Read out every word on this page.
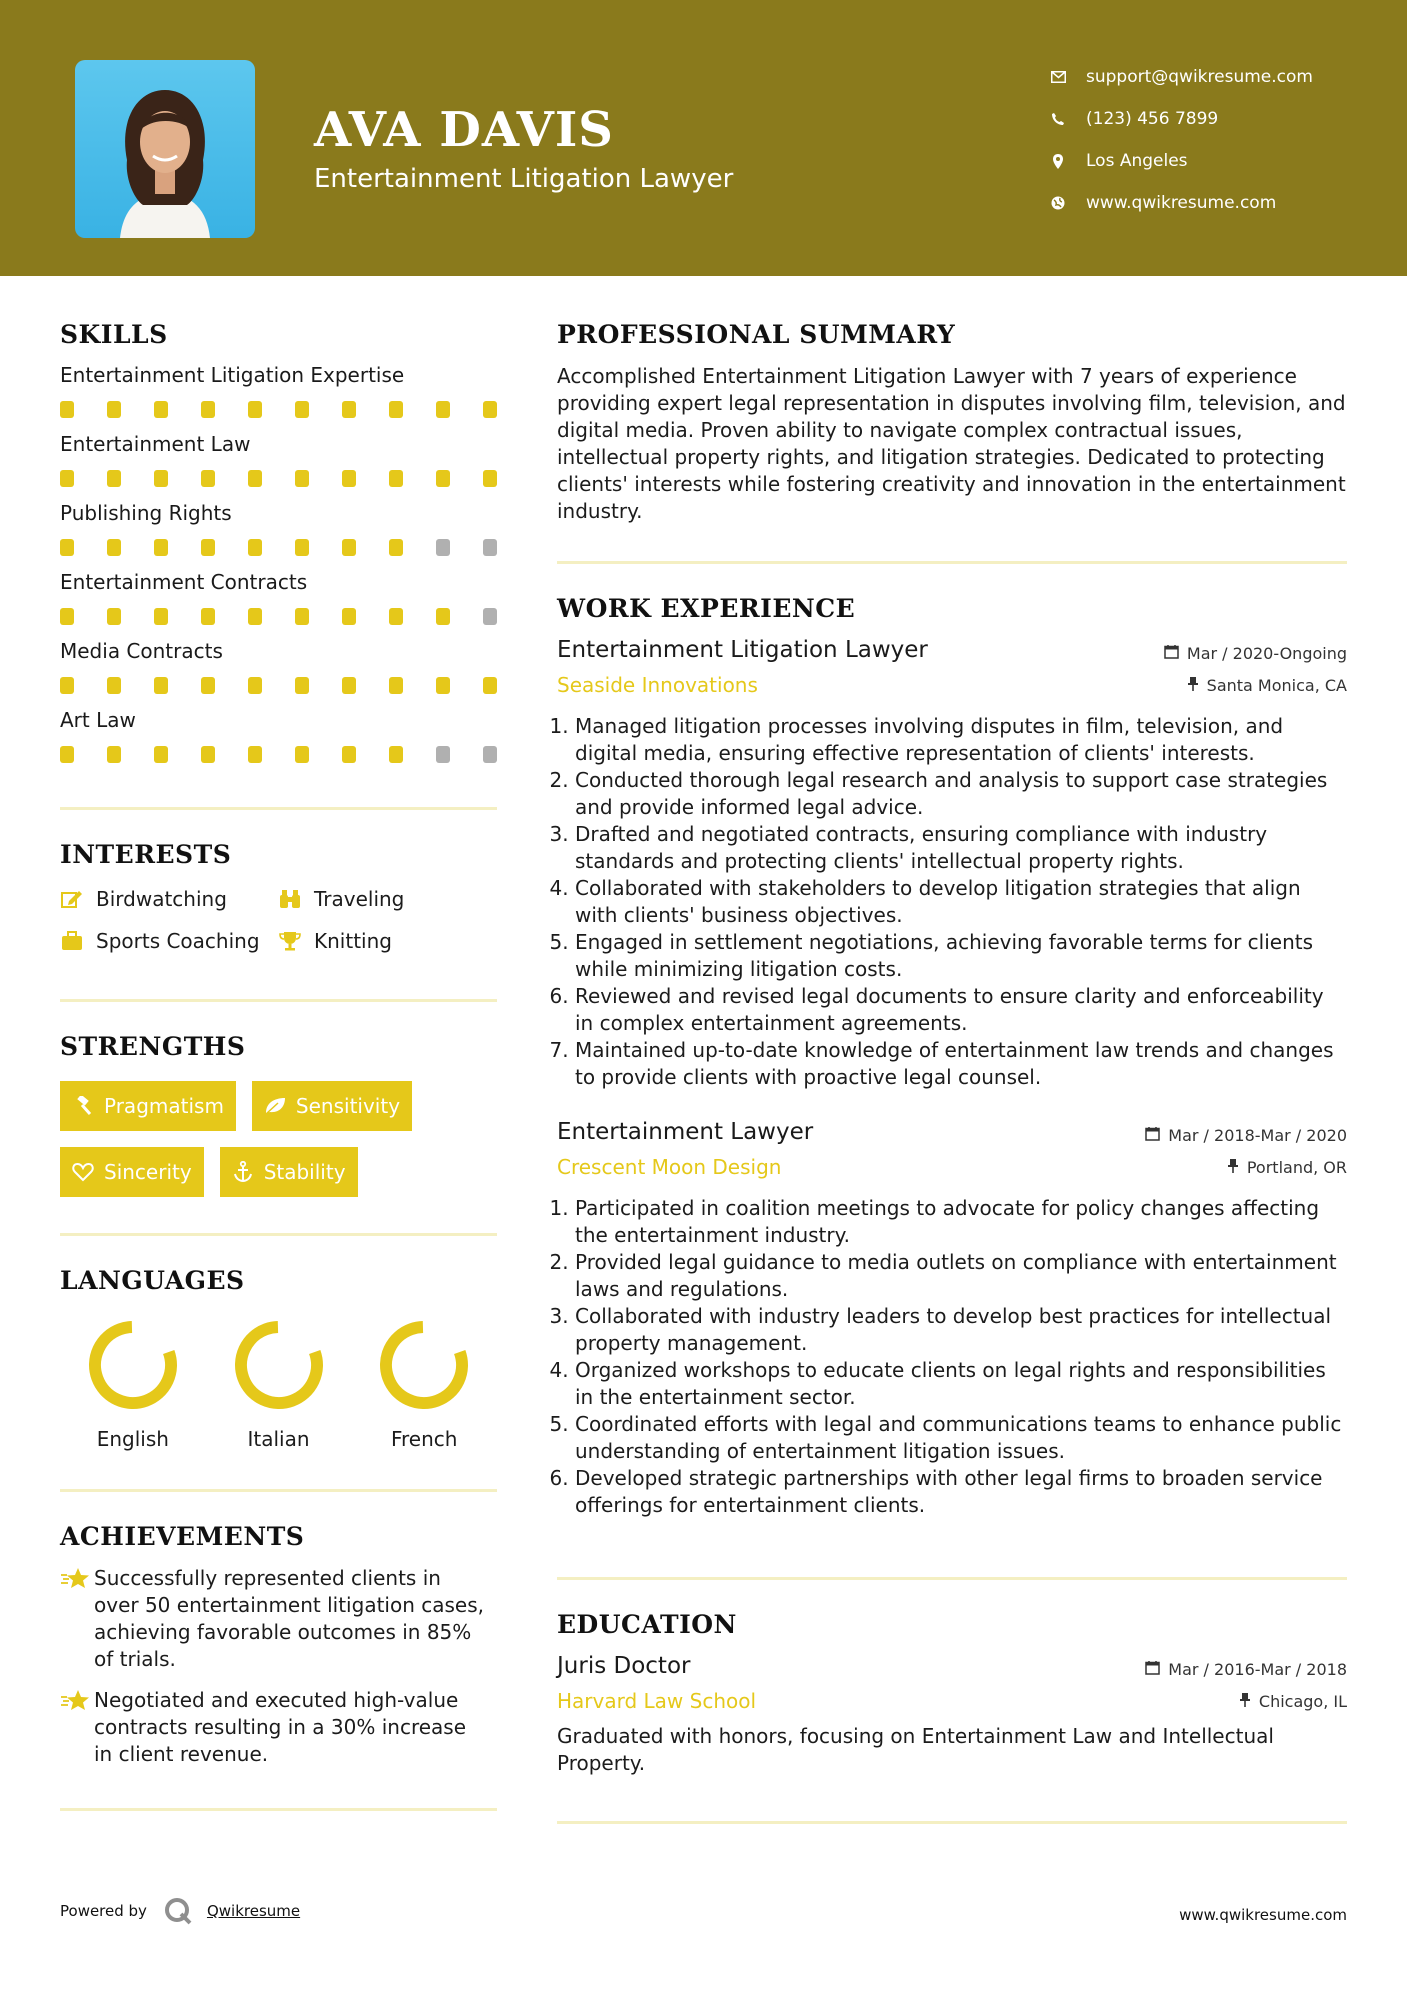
AVA DAVIS
Entertainment Litigation Lawyer
support@qwikresume.com
(123) 456 7899
Los Angeles
www.qwikresume.com
SKILLS
Entertainment Litigation Expertise
Entertainment Law
Publishing Rights
Entertainment Contracts
Media Contracts
Art Law
INTERESTS
Birdwatching	Traveling
Sports Coaching	Knitting
STRENGTHS
Pragmatism	Sensitivity
Sincerity	Stability
LANGUAGES
English	Italian	French
ACHIEVEMENTS
Successfully represented clients in over 50 entertainment litigation cases, achieving favorable outcomes in 85% of trials.
Negotiated and executed high-value contracts resulting in a 30% increase in client revenue.
PROFESSIONAL SUMMARY
Accomplished Entertainment Litigation Lawyer with 7 years of experience providing expert legal representation in disputes involving film, television, and digital media. Proven ability to navigate complex contractual issues, intellectual property rights, and litigation strategies. Dedicated to protecting clients' interests while fostering creativity and innovation in the entertainment industry.
WORK EXPERIENCE
Entertainment Litigation Lawyer	Mar / 2020-Ongoing
Seaside Innovations	Santa Monica, CA
1. Managed litigation processes involving disputes in film, television, and digital media, ensuring effective representation of clients' interests.
2. Conducted thorough legal research and analysis to support case strategies and provide informed legal advice.
3. Drafted and negotiated contracts, ensuring compliance with industry standards and protecting clients' intellectual property rights.
4. Collaborated with stakeholders to develop litigation strategies that align with clients' business objectives.
5. Engaged in settlement negotiations, achieving favorable terms for clients while minimizing litigation costs.
6. Reviewed and revised legal documents to ensure clarity and enforceability in complex entertainment agreements.
7. Maintained up-to-date knowledge of entertainment law trends and changes to provide clients with proactive legal counsel.
Entertainment Lawyer	Mar / 2018-Mar / 2020
Crescent Moon Design	Portland, OR
1. Participated in coalition meetings to advocate for policy changes affecting the entertainment industry.
2. Provided legal guidance to media outlets on compliance with entertainment laws and regulations.
3. Collaborated with industry leaders to develop best practices for intellectual property management.
4. Organized workshops to educate clients on legal rights and responsibilities in the entertainment sector.
5. Coordinated efforts with legal and communications teams to enhance public understanding of entertainment litigation issues.
6. Developed strategic partnerships with other legal firms to broaden service offerings for entertainment clients.
EDUCATION
Juris Doctor	Mar / 2016-Mar / 2018
Harvard Law School	Chicago, IL
Graduated with honors, focusing on Entertainment Law and Intellectual Property.
Powered by	Qwikresume	www.qwikresume.com
